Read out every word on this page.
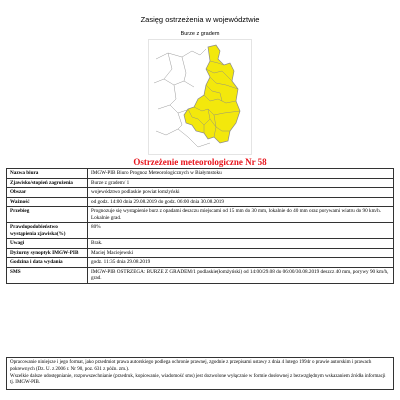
Zasięg ostrzeżenia w województwie
Burze z gradem
Ostrzeżenie meteorologiczne Nr 58
Nazwa biura	IMGW-PIB Biuro Prognoz Meteorologicznych w Białymstoku
Zjawisko/stopień zagrożenia	Burze z gradem/ 1
Obszar	województwo podlaskie powiat łomżyński
Ważność	od godz. 14:00 dnia 29.08.2019 do godz. 06:00 dnia 30.08.2019
Przebieg	Prognozuje się wystąpienie burz z opadami deszczu miejscami od 15 mm do 30 mm, lokalnie do 40 mm oraz porywami wiatru do 90 km/h. Lokalnie grad.
Prawdopodobieństwo wystąpienia zjawiska(%)	80%
Uwagi	Brak.
Dyżurny synoptyk IMGW-PIB	Maciej Maciejewski
Godzina i data wydania	godz. 11:35 dnia 29.08.2019
SMS	IMGW-PIB OSTRZEGA: BURZE Z GRADEM/1 podlaskie(łomżyński) od 14:00/29.08 do 06:00/30.08.2019 deszcz 40 mm, porywy 90 km/h, grad.

Opracowanie niniejsze i jego format, jako przedmiot prawa autorskiego podlega ochronie prawnej, zgodnie z przepisami ustawy z dnia 4 lutego 1994r o prawie autorskim i prawach pokrewnych (Dz. U. z 2006 r. Nr 90, poz. 631 z późn. zm.).

Wszelkie dalsze udostępnianie, rozpowszechnianie (przedruk, kopiowanie, wiadomość sms) jest dozwolone wyłącznie w formie dosłownej z bezwzględnym wskazaniem źródła informacji tj. IMGW-PIB.
